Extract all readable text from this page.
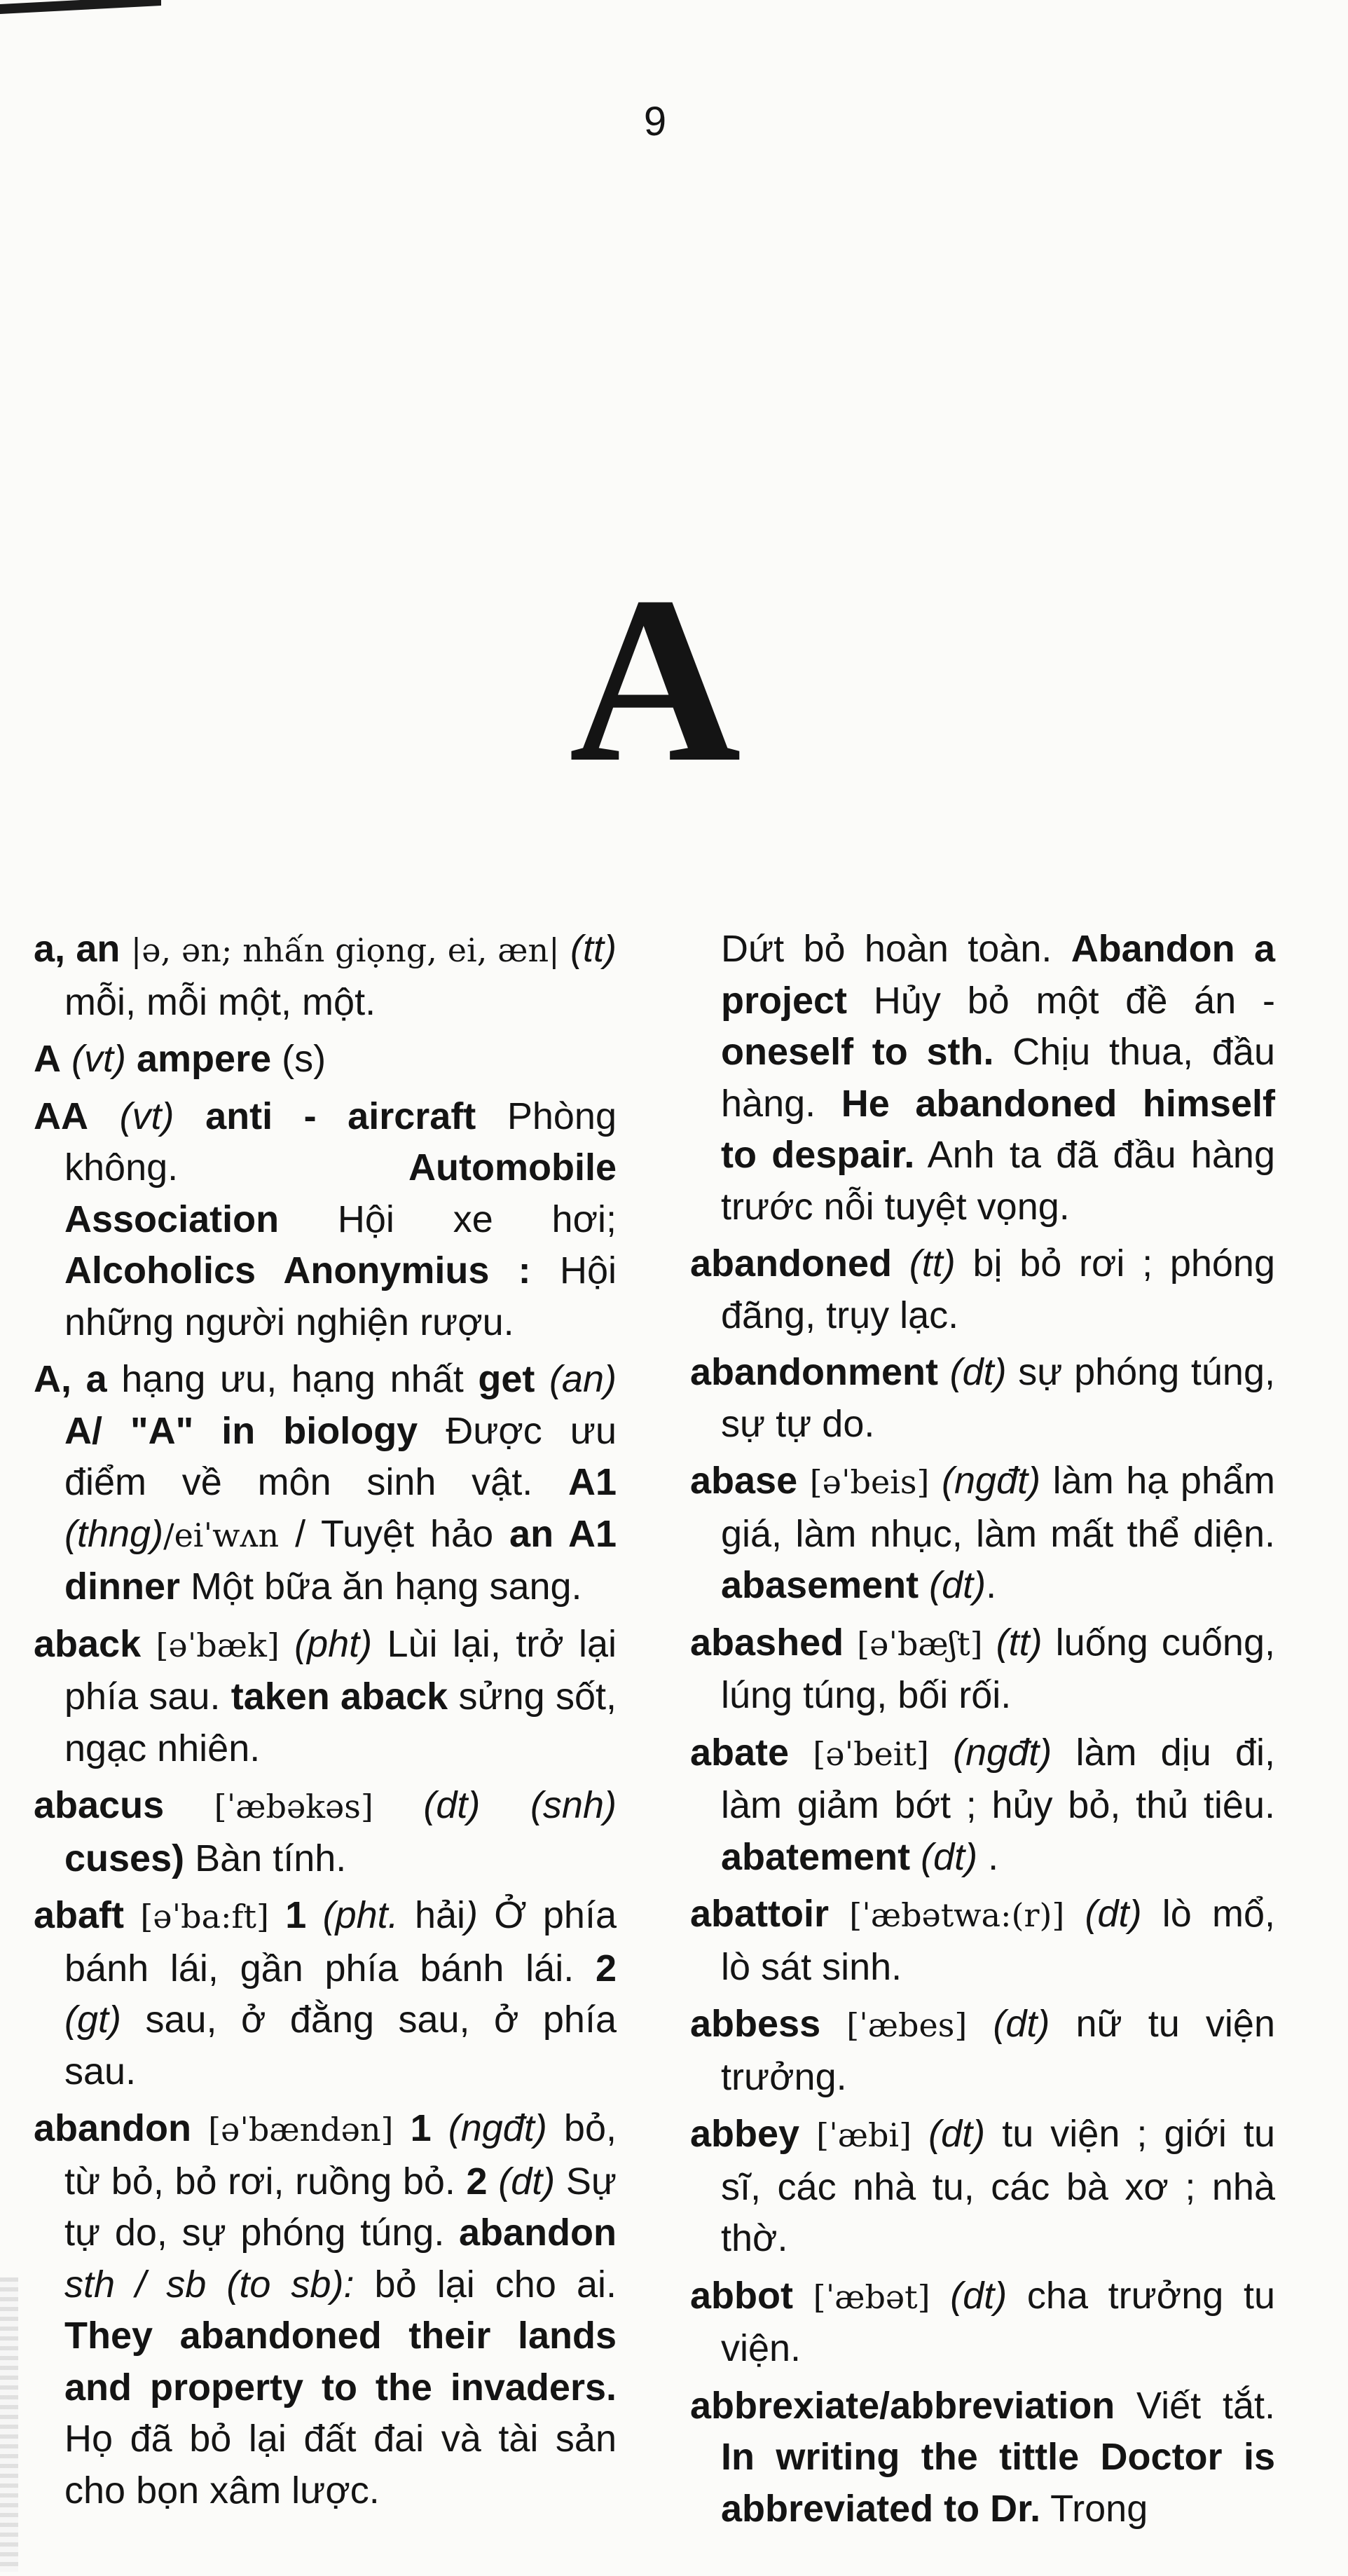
9
A

a, an |ə, ən; nhấn giọng, ei, æn| (tt) mỗi, mỗi một, một.

A (vt) ampere (s)

AA (vt) anti - aircraft Phòng không. Automobile Association Hội xe hơi; Alcoholics Anonymius : Hội những người nghiện rượu.

A, a hạng ưu, hạng nhất get (an) A/ "A" in biology Được ưu điểm về môn sinh vật. A1 (thng)/eiˈwʌn / Tuyệt hảo an A1 dinner Một bữa ăn hạng sang.

aback [əˈbæk] (pht) Lùi lại, trở lại phía sau. taken aback sửng sốt, ngạc nhiên.

abacus [ˈæbəkəs] (dt) (snh) cuses) Bàn tính.

abaft [əˈba:ft] 1 (pht. hải) Ở phía bánh lái, gần phía bánh lái. 2 (gt) sau, ở đằng sau, ở phía sau.

abandon [əˈbændən] 1 (ngđt) bỏ, từ bỏ, bỏ rơi, ruồng bỏ. 2 (dt) Sự tự do, sự phóng túng. abandon sth / sb (to sb): bỏ lại cho ai. They abandoned their lands and property to the invaders. Họ đã bỏ lại đất đai và tài sản cho bọn xâm lược.

Dứt bỏ hoàn toàn. Abandon a project Hủy bỏ một đề án - oneself to sth. Chịu thua, đầu hàng. He abandoned himself to despair. Anh ta đã đầu hàng trước nỗi tuyệt vọng.

abandoned (tt) bị bỏ rơi ; phóng đãng, trụy lạc.

abandonment (dt) sự phóng túng, sự tự do.

abase [əˈbeis] (ngđt) làm hạ phẩm giá, làm nhục, làm mất thể diện. abasement (dt).

abashed [əˈbæʃt] (tt) luống cuống, lúng túng, bối rối.

abate [əˈbeit] (ngđt) làm dịu đi, làm giảm bớt ; hủy bỏ, thủ tiêu. abatement (dt) .

abattoir [ˈæbətwa:(r)] (dt) lò mổ, lò sát sinh.

abbess [ˈæbes] (dt) nữ tu viện trưởng.

abbey [ˈæbi] (dt) tu viện ; giới tu sĩ, các nhà tu, các bà xơ ; nhà thờ.

abbot [ˈæbət] (dt) cha trưởng tu viện.

abbrexiate/abbreviation Viết tắt. In writing the tittle Doctor is abbreviated to Dr. Trong
